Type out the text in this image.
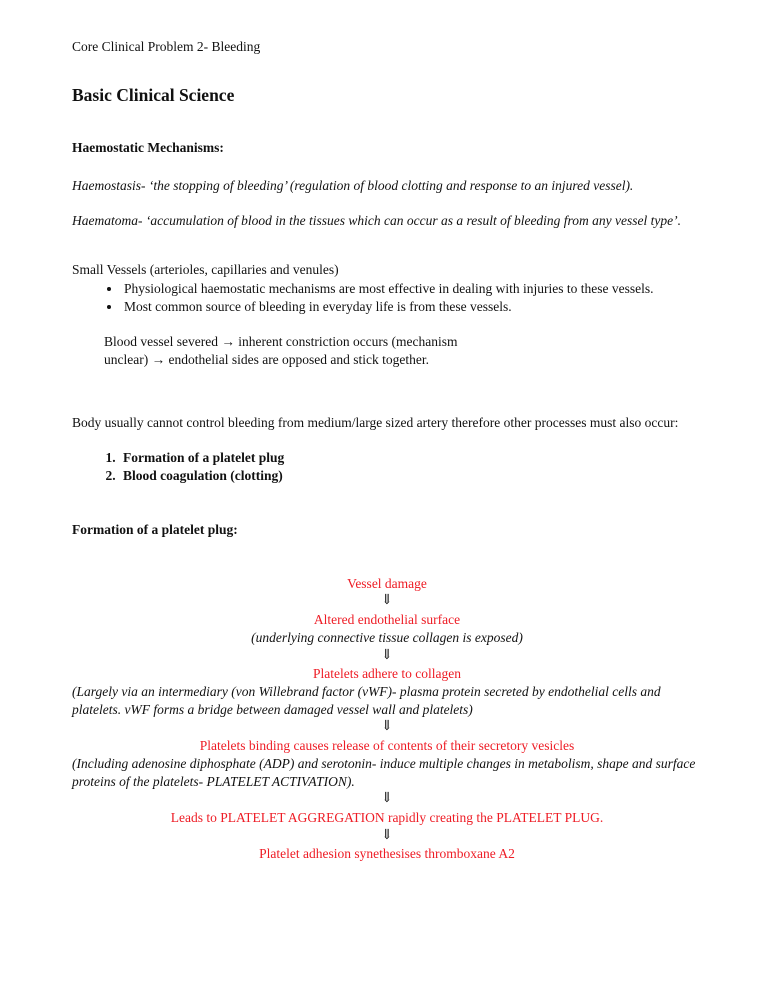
Core Clinical Problem 2- Bleeding

Basic Clinical Science
Haemostatic Mechanisms:

Haemostasis- ‘the stopping of bleeding’ (regulation of blood clotting and response to an injured vessel).

Haematoma- ‘accumulation of blood in the tissues which can occur as a result of bleeding from any vessel type’.

Small Vessels (arterioles, capillaries and venules)

• Physiological haemostatic mechanisms are most effective in dealing with injuries to these vessels.
• Most common source of bleeding in everyday life is from these vessels.

Blood vessel severed → inherent constriction occurs (mechanism unclear) → endothelial sides are opposed and stick together.

Body usually cannot control bleeding from medium/large sized artery therefore other processes must also occur:

1. Formation of a platelet plug
2. Blood coagulation (clotting)

Formation of a platelet plug:

Vessel damage
⇓
Altered endothelial surface
(underlying connective tissue collagen is exposed)
⇓
Platelets adhere to collagen
(Largely via an intermediary (von Willebrand factor (vWF)- plasma protein secreted by endothelial cells and platelets. vWF forms a bridge between damaged vessel wall and platelets)
⇓
Platelets binding causes release of contents of their secretory vesicles
(Including adenosine diphosphate (ADP) and serotonin- induce multiple changes in metabolism, shape and surface proteins of the platelets- PLATELET ACTIVATION).
⇓
Leads to PLATELET AGGREGATION rapidly creating the PLATELET PLUG.
⇓
Platelet adhesion synethesises thromboxane A2
